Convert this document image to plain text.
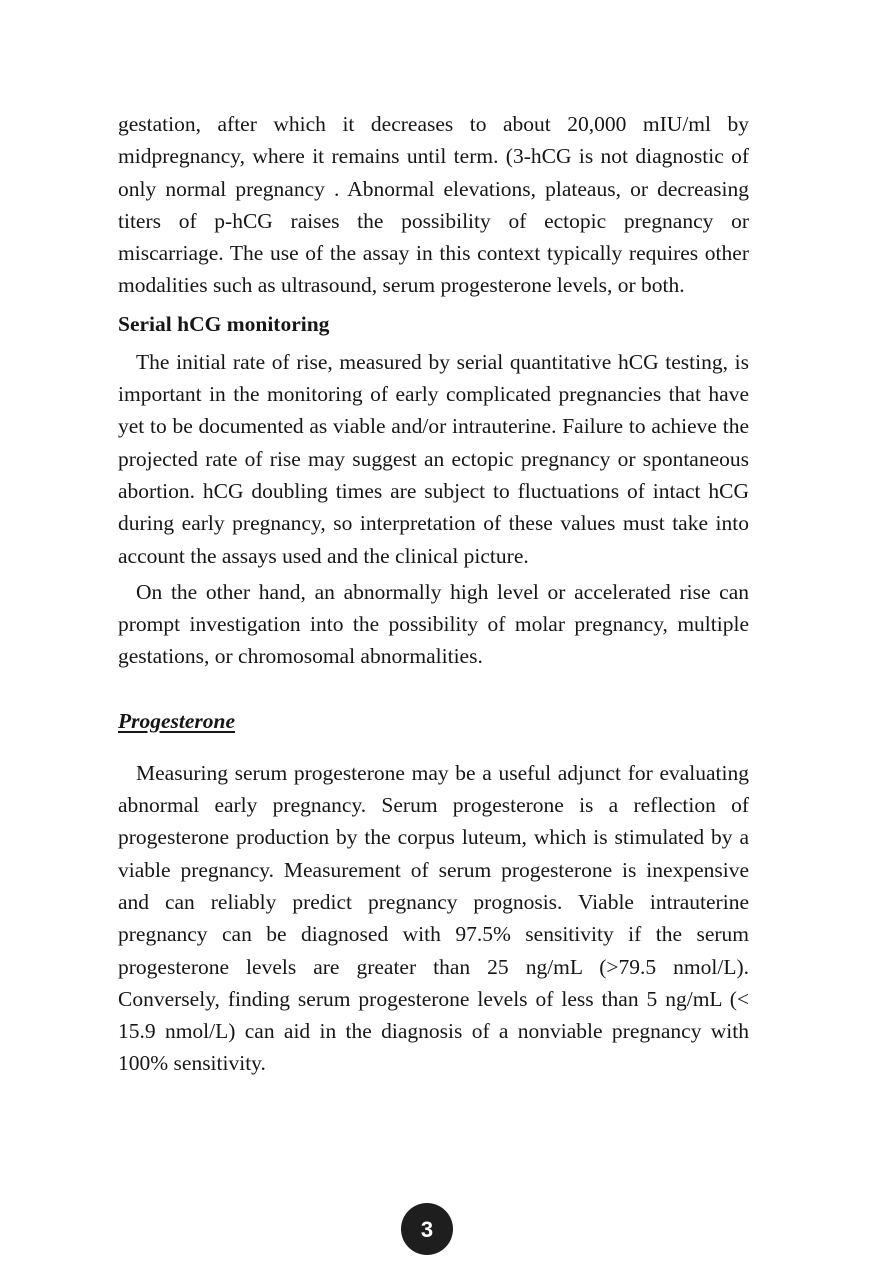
gestation, after which it decreases to about 20,000 mIU/ml by midpregnancy, where it remains until term. (3-hCG is not diagnostic of only normal pregnancy . Abnormal elevations, plateaus, or decreasing titers of p-hCG raises the possibility of ectopic pregnancy or miscarriage. The use of the assay in this context typically requires other modalities such as ultrasound, serum progesterone levels, or both.

Serial hCG monitoring

The initial rate of rise, measured by serial quantitative hCG testing, is important in the monitoring of early complicated pregnancies that have yet to be documented as viable and/or intrauterine. Failure to achieve the projected rate of rise may suggest an ectopic pregnancy or spontaneous abortion. hCG doubling times are subject to fluctuations of intact hCG during early pregnancy, so interpretation of these values must take into account the assays used and the clinical picture.

On the other hand, an abnormally high level or accelerated rise can prompt investigation into the possibility of molar pregnancy, multiple gestations, or chromosomal abnormalities.

Progesterone

Measuring serum progesterone may be a useful adjunct for evaluating abnormal early pregnancy. Serum progesterone is a reflection of progesterone production by the corpus luteum, which is stimulated by a viable pregnancy. Measurement of serum progesterone is inexpensive and can reliably predict pregnancy prognosis. Viable intrauterine pregnancy can be diagnosed with 97.5% sensitivity if the serum progesterone levels are greater than 25 ng/mL (>79.5 nmol/L). Conversely, finding serum progesterone levels of less than 5 ng/mL (< 15.9 nmol/L) can aid in the diagnosis of a nonviable pregnancy with 100% sensitivity.

3
